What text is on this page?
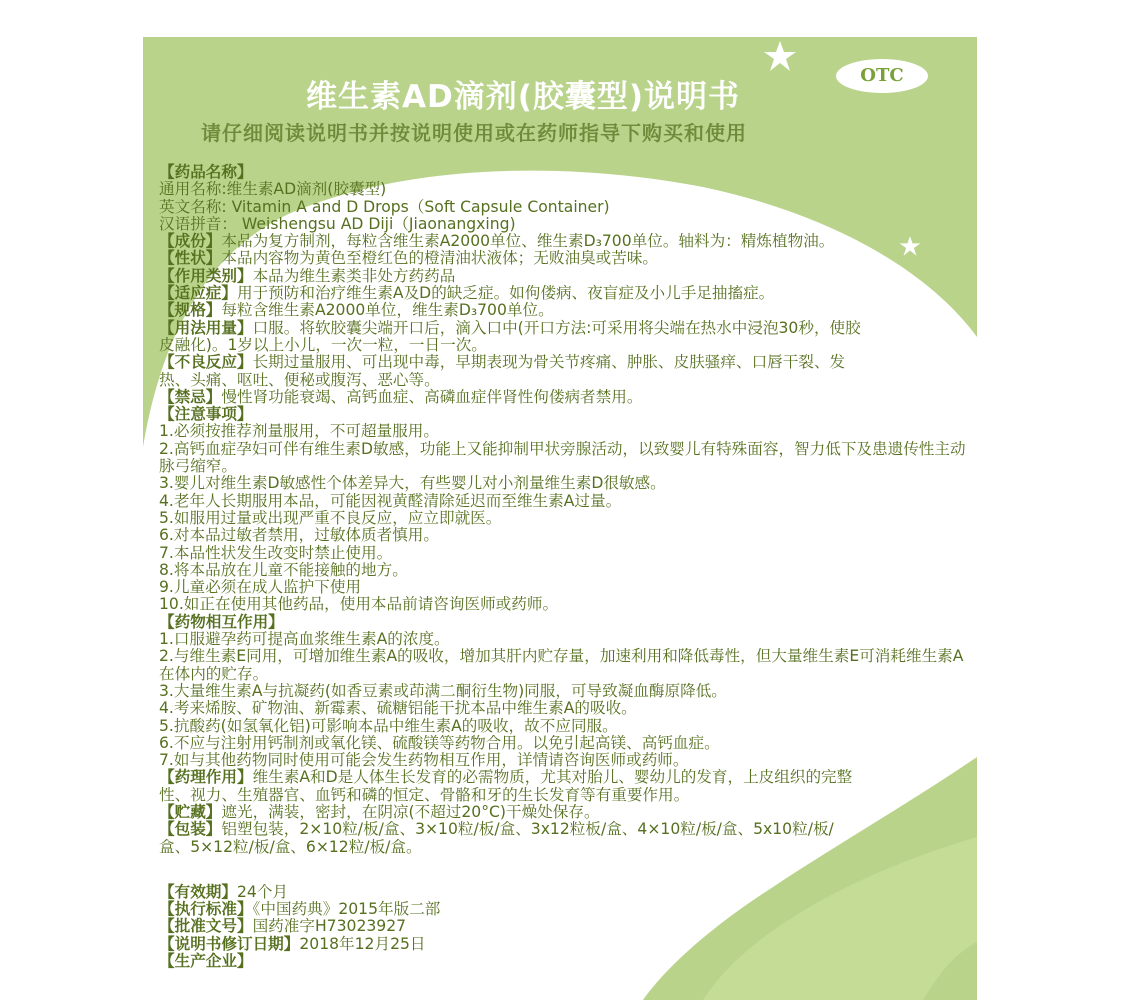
维生素AD滴剂(胶囊型)说明书
请仔细阅读说明书并按说明使用或在药师指导下购买和使用
OTC
【药品名称】
通用名称:维生素AD滴剂(胶囊型)
英文名称: Vitamin A and D Drops（Soft Capsule Container)
汉语拼音： Weishengsu AD Diji（Jiaonangxing)
【成份】本品为复方制剂，每粒含维生素A2000单位、维生素D₃700单位。轴料为：精炼植物油。
【性状】本品内容物为黄色至橙红色的橙清油状液体；无败油臭或苦味。
【作用类别】本品为维生素类非处方药药品
【适应症】用于预防和治疗维生素A及D的缺乏症。如佝偻病、夜盲症及小儿手足抽搐症。
【规格】每粒含维生素A2000单位，维生素D₃700单位。
【用法用量】口服。将软胶囊尖端开口后，滴入口中(开口方法:可采用将尖端在热水中浸泡30秒，使胶
皮融化)。1岁以上小儿，一次一粒，一日一次。
【不良反应】长期过量服用、可出现中毒，早期表现为骨关节疼痛、肿胀、皮肤骚痒、口唇干裂、发
热、头痛、呕吐、便秘或腹泻、恶心等。
【禁忌】慢性肾功能衰竭、高钙血症、高磷血症伴肾性佝偻病者禁用。
【注意事项】
1.必须按推荐剂量服用，不可超量服用。
2.高钙血症孕妇可伴有维生素D敏感，功能上又能抑制甲状旁腺活动，以致婴儿有特殊面容，智力低下及患遗传性主动脉弓缩窄。
3.婴儿对维生素D敏感性个体差异大，有些婴儿对小剂量维生素D很敏感。
4.老年人长期服用本品，可能因视黄醛清除延迟而至维生素A过量。
5.如服用过量或出现严重不良反应，应立即就医。
6.对本品过敏者禁用，过敏体质者慎用。
7.本品性状发生改变时禁止使用。
8.将本品放在儿童不能接触的地方。
9.儿童必须在成人监护下使用
10.如正在使用其他药品，使用本品前请咨询医师或药师。
【药物相互作用】
1.口服避孕药可提高血浆维生素A的浓度。
2.与维生素E同用，可增加维生素A的吸收，增加其肝内贮存量，加速利用和降低毒性，但大量维生素E可消耗维生素A在体内的贮存。
3.大量维生素A与抗凝药(如香豆素或茚满二酮衍生物)同服，可导致凝血酶原降低。
4.考来烯胺、矿物油、新霉素、硫糖铝能干扰本品中维生素A的吸收。
5.抗酸药(如氢氧化铝)可影响本品中维生素A的吸收，故不应同服。
6.不应与注射用钙制剂或氧化镁、硫酸镁等药物合用。以免引起高镁、高钙血症。
7.如与其他药物同时使用可能会发生药物相互作用，详情请咨询医师或药师。
【药理作用】维生素A和D是人体生长发育的必需物质，尤其对胎儿、婴幼儿的发育，上皮组织的完整
性、视力、生殖器官、血钙和磷的恒定、骨骼和牙的生长发育等有重要作用。
【贮藏】遮光，满装，密封，在阴凉(不超过20°C)干燥处保存。
【包装】铝塑包装，2×10粒/板/盒、3×10粒/板/盒、3x12粒板/盒、4×10粒/板/盒、5x10粒/板/
盒、5×12粒/板/盒、6×12粒/板/盒。
【有效期】24个月
【执行标准】《中国药典》2015年版二部
【批准文号】国药准字H73023927
【说明书修订日期】2018年12月25日
【生产企业】
